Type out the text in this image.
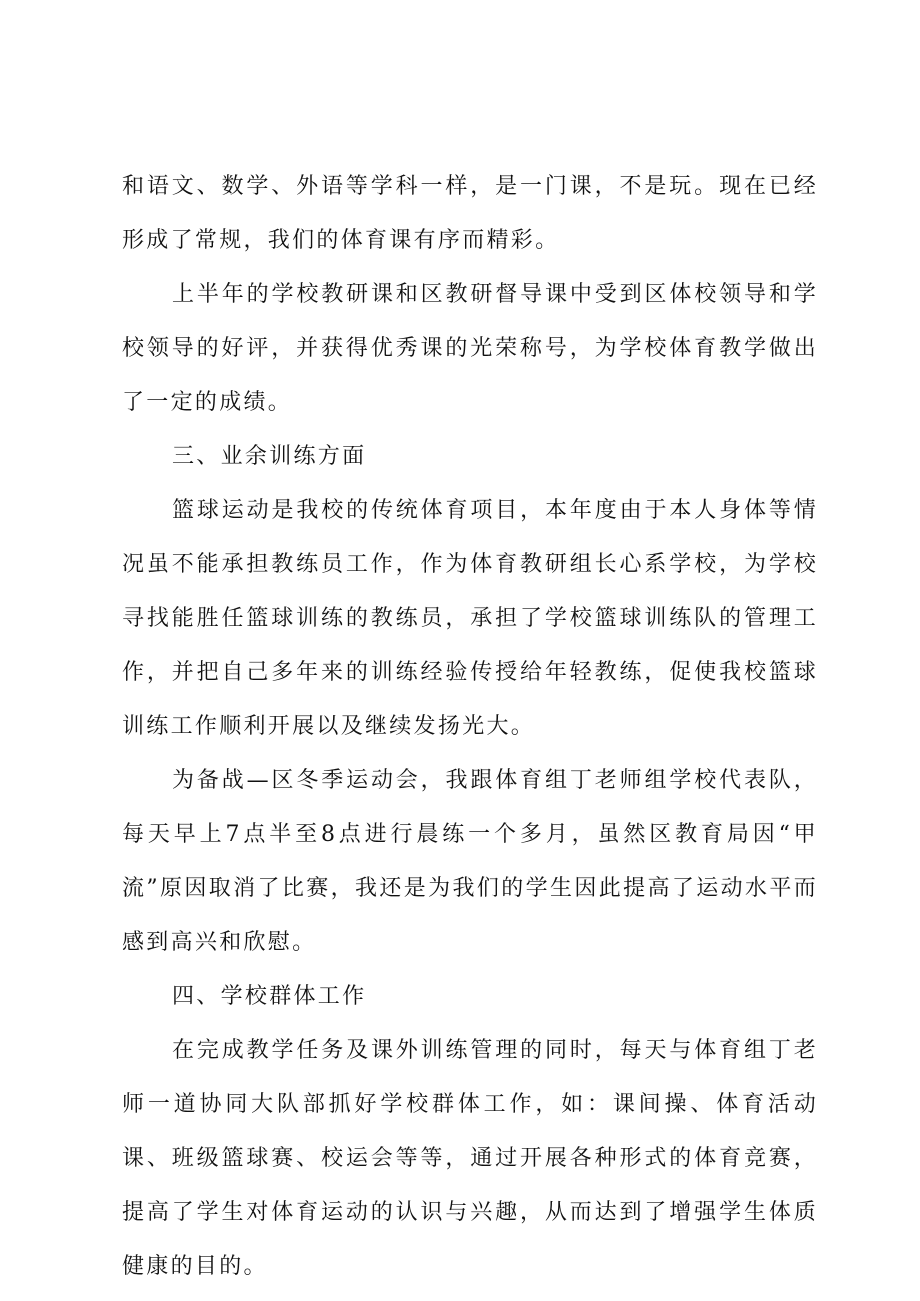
和语文、数学、外语等学科一样，是一门课，不是玩。现在已经形成了常规，我们的体育课有序而精彩。

上半年的学校教研课和区教研督导课中受到区体校领导和学校领导的好评，并获得优秀课的光荣称号，为学校体育教学做出了一定的成绩。

三、业余训练方面

篮球运动是我校的传统体育项目，本年度由于本人身体等情况虽不能承担教练员工作，作为体育教研组长心系学校，为学校寻找能胜任篮球训练的教练员，承担了学校篮球训练队的管理工作，并把自己多年来的训练经验传授给年轻教练，促使我校篮球训练工作顺利开展以及继续发扬光大。

为备战—区冬季运动会，我跟体育组丁老师组学校代表队，每天早上7点半至8点进行晨练一个多月，虽然区教育局因“甲流”原因取消了比赛，我还是为我们的学生因此提高了运动水平而感到高兴和欣慰。

四、学校群体工作

在完成教学任务及课外训练管理的同时，每天与体育组丁老师一道协同大队部抓好学校群体工作，如：课间操、体育活动课、班级篮球赛、校运会等等，通过开展各种形式的体育竞赛，提高了学生对体育运动的认识与兴趣，从而达到了增强学生体质健康的目的。
